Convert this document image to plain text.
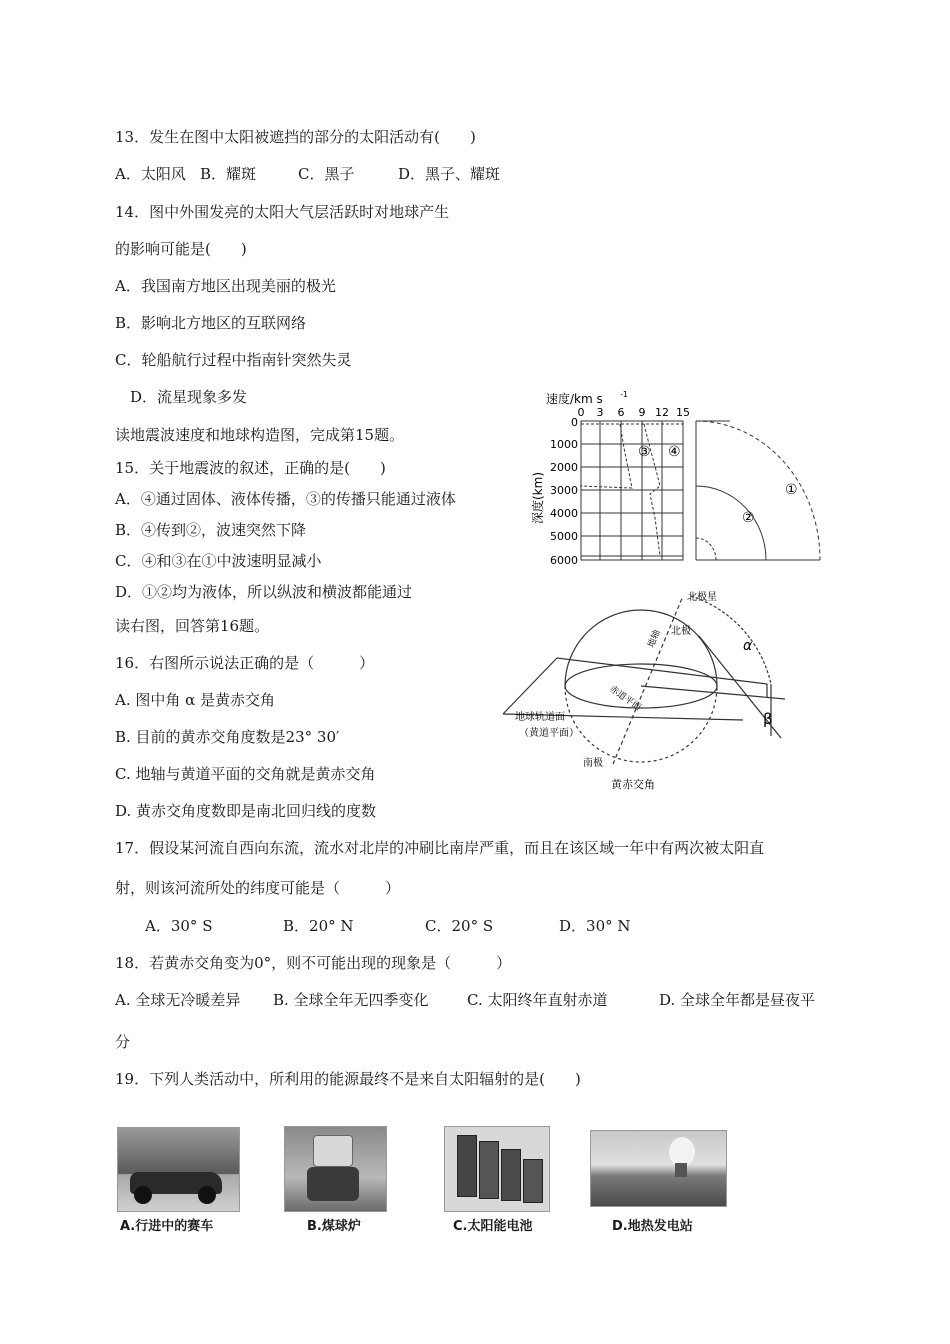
13．发生在图中太阳被遮挡的部分的太阳活动有(　　)
A．太阳风 B．耀斑	C．黑子	D．黑子、耀斑
14．图中外围发亮的太阳大气层活跃时对地球产生
的影响可能是(　　)
A．我国南方地区出现美丽的极光
B．影响北方地区的互联网络
C．轮船航行过程中指南针突然失灵
D．流星现象多发
读地震波速度和地球构造图，完成第15题。
15．关于地震波的叙述，正确的是(　　)
A．④通过固体、液体传播，③的传播只能通过液体
B．④传到②，波速突然下降
C．④和③在①中波速明显减小
D．①②均为液体，所以纵波和横波都能通过
读右图，回答第16题。
16．右图所示说法正确的是（　　　）
A. 图中角 α 是黄赤交角
B. 目前的黄赤交角度数是23° 30′
C. 地轴与黄道平面的交角就是黄赤交角
D. 黄赤交角度数即是南北回归线的度数
17．假设某河流自西向东流，流水对北岸的冲刷比南岸严重，而且在该区域一年中有两次被太阳直
射，则该河流所处的纬度可能是（　　　）
A．30° S	B．20° N	C．20° S	D．30° N
18．若黄赤交角变为0°，则不可能出现的现象是（　　　）
A. 全球无冷暖差异 B. 全球全年无四季变化	C. 太阳终年直射赤道	D. 全球全年都是昼夜平
分
19．下列人类活动中，所利用的能源最终不是来自太阳辐射的是(　　)
速度/km s -1
0 3 6 9 12 15
深度(km)
0
1000
2000
3000
4000
5000
6000
③ ④
①
②
北极星
北极
地轴
赤道平面
地球轨道面
（黄道平面）
南极
黄赤交角
α
β
A.行进中的赛车	B.煤球炉	C.太阳能电池	D.地热发电站
